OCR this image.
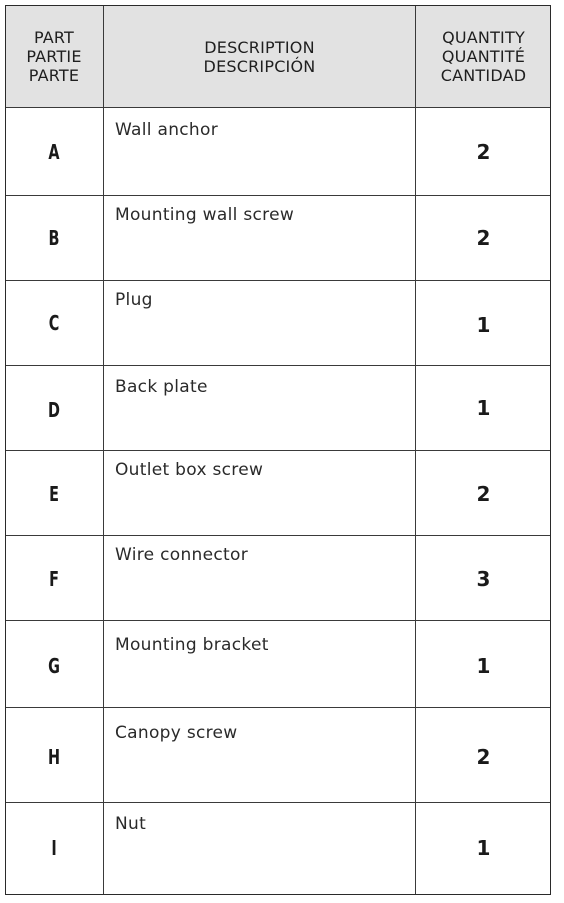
PART
PARTIE
PARTE
DESCRIPTION
DESCRIPCIÓN
QUANTITY
QUANTITÉ
CANTIDAD
A
Wall anchor
2
B
Mounting wall screw
2
C
Plug
1
D
Back plate
1
E
Outlet box screw
2
F
Wire connector
3
G
Mounting bracket
1
H
Canopy screw
2
I
Nut
1
